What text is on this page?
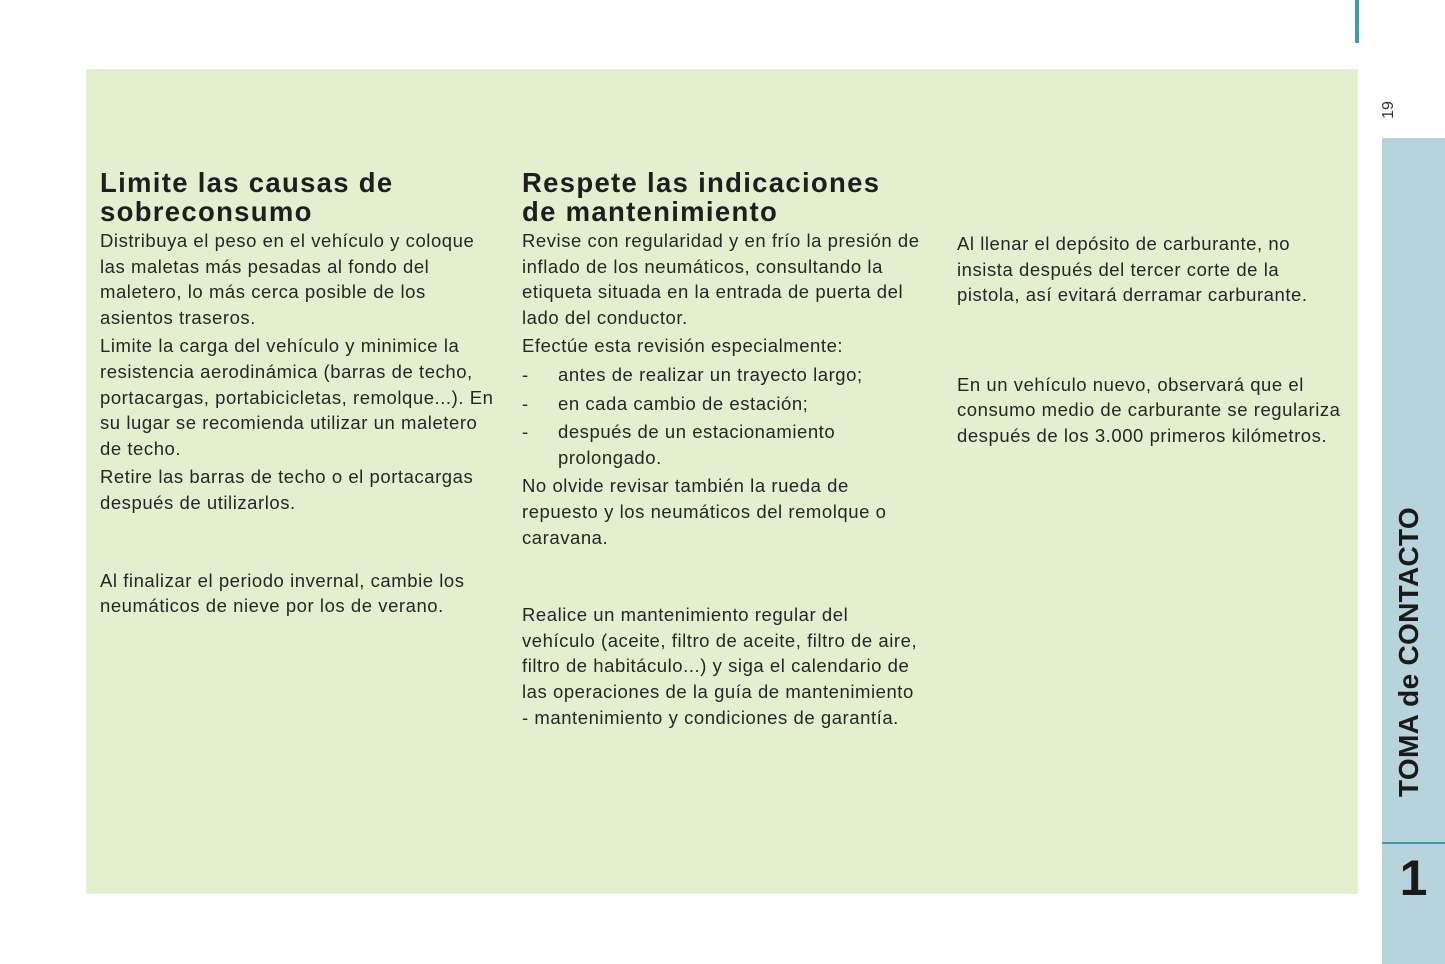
Limite las causas de sobreconsumo

Distribuya el peso en el vehículo y coloque las maletas más pesadas al fondo del maletero, lo más cerca posible de los asientos traseros.

Limite la carga del vehículo y minimice la resistencia aerodinámica (barras de techo, portacargas, portabicicletas, remolque...). En su lugar se recomienda utilizar un maletero de techo.

Retire las barras de techo o el portacargas después de utilizarlos.

Al finalizar el periodo invernal, cambie los neumáticos de nieve por los de verano.

Respete las indicaciones de mantenimiento

Revise con regularidad y en frío la presión de inflado de los neumáticos, consultando la etiqueta situada en la entrada de puerta del lado del conductor.

Efectúe esta revisión especialmente:

- antes de realizar un trayecto largo;
- en cada cambio de estación;
- después de un estacionamiento prolongado.

No olvide revisar también la rueda de repuesto y los neumáticos del remolque o caravana.

Realice un mantenimiento regular del vehículo (aceite, filtro de aceite, filtro de aire, filtro de habitáculo...) y siga el calendario de las operaciones de la guía de mantenimiento - mantenimiento y condiciones de garantía.

Al llenar el depósito de carburante, no insista después del tercer corte de la pistola, así evitará derramar carburante.

En un vehículo nuevo, observará que el consumo medio de carburante se regulariza después de los 3.000 primeros kilómetros.

19
TOMA de CONTACTO
1
